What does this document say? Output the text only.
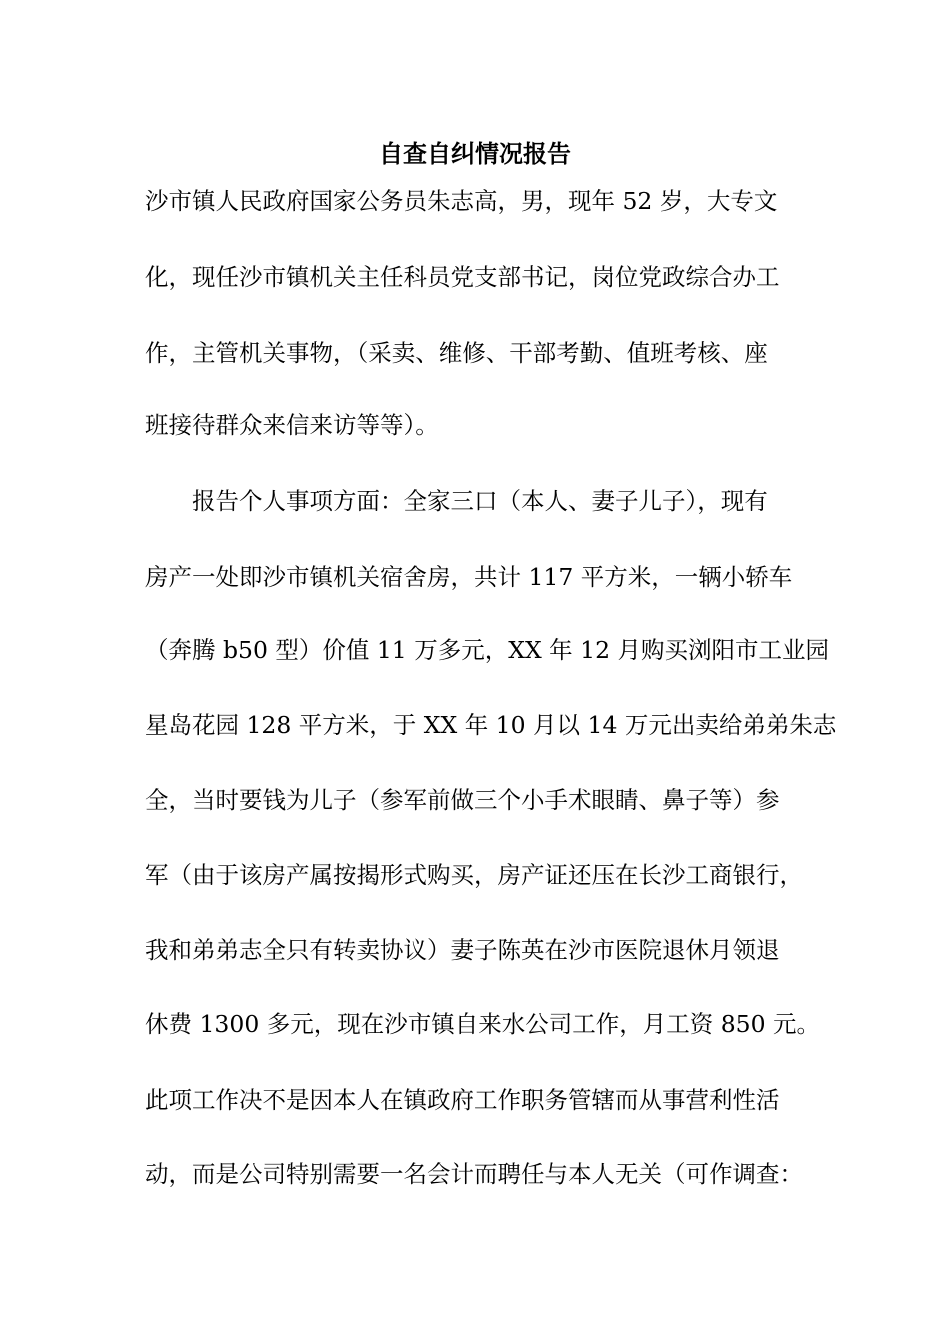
自查自纠情况报告
沙市镇人民政府国家公务员朱志高，男，现年 52 岁，大专文
化，现任沙市镇机关主任科员党支部书记，岗位党政综合办工
作，主管机关事物，（采卖、维修、干部考勤、值班考核、座
班接待群众来信来访等等）。
　　报告个人事项方面：全家三口（本人、妻子儿子），现有
房产一处即沙市镇机关宿舍房，共计 117 平方米，一辆小轿车
（奔腾 b50 型）价值 11 万多元，XX 年 12 月购买浏阳市工业园
星岛花园 128 平方米，于 XX 年 10 月以 14 万元出卖给弟弟朱志
全，当时要钱为儿子（参军前做三个小手术眼睛、鼻子等）参
军（由于该房产属按揭形式购买，房产证还压在长沙工商银行，
我和弟弟志全只有转卖协议）妻子陈英在沙市医院退休月领退
休费 1300 多元，现在沙市镇自来水公司工作，月工资 850 元。
此项工作决不是因本人在镇政府工作职务管辖而从事营利性活
动，而是公司特别需要一名会计而聘任与本人无关（可作调查：
